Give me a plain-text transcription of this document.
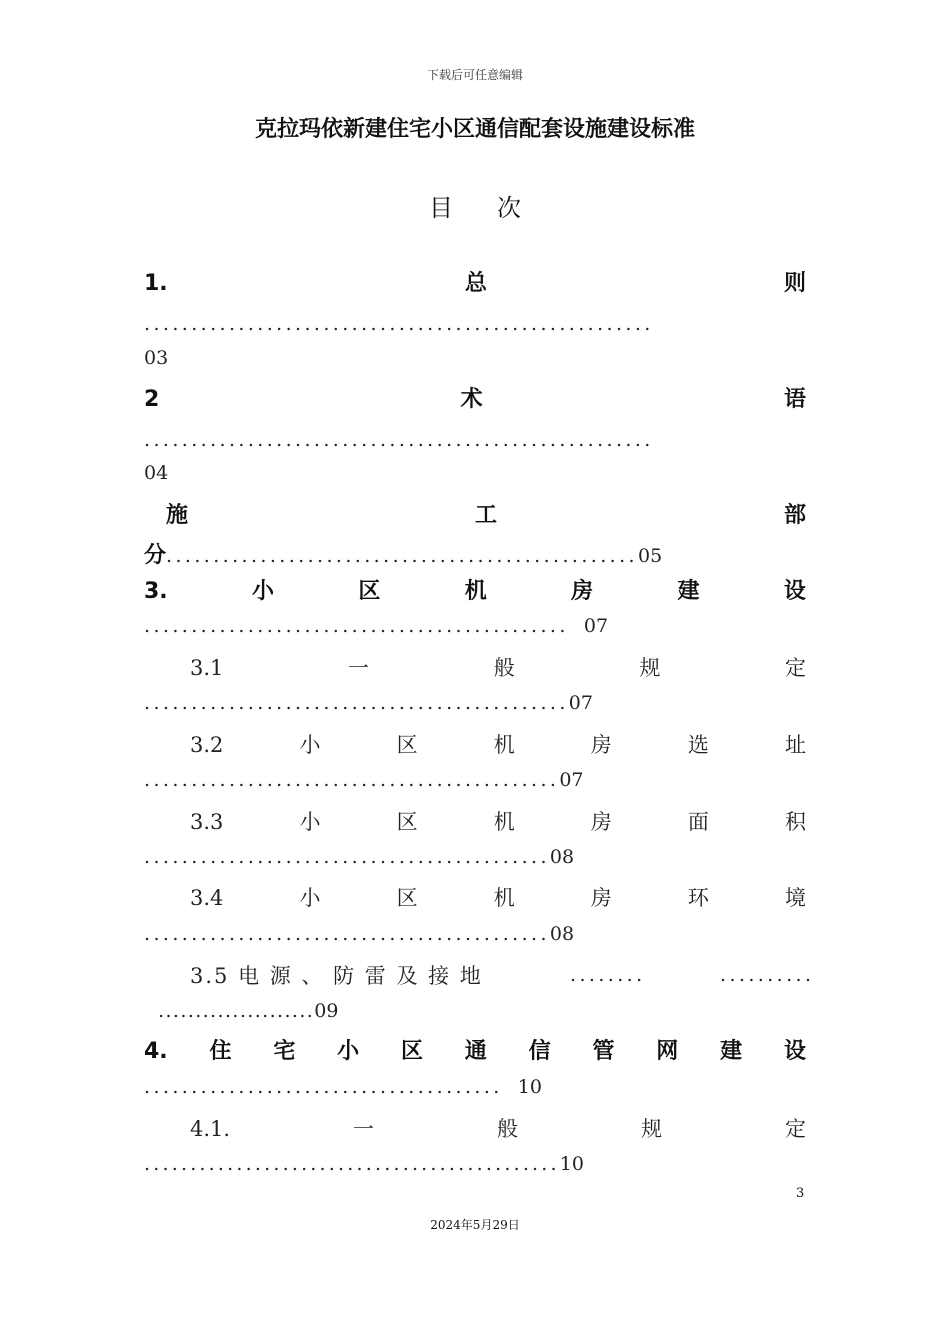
下载后可任意编辑
克拉玛依新建住宅小区通信配套设施建设标准
目 次
1.	总	则
......................................................
03
2	术	语
......................................................
04
施	工	部
分..................................................05
3.	小	区	机	房	建	设
............................................. 07
3.1	一	般	规	定
.............................................07
3.2	小	区	机	房	选	址
............................................07
3.3	小	区	机	房	面	积
...........................................08
3.4	小	区	机	房	环	境
...........................................08
3.5 电 源 、 防 雷 及 接 地	........	..........
.....................09
4. 住 宅 小 区 通 信 管 网 建 设
...................................... 10
4.1.	一	般	规	定
.............................................10
3
2024年5月29日
